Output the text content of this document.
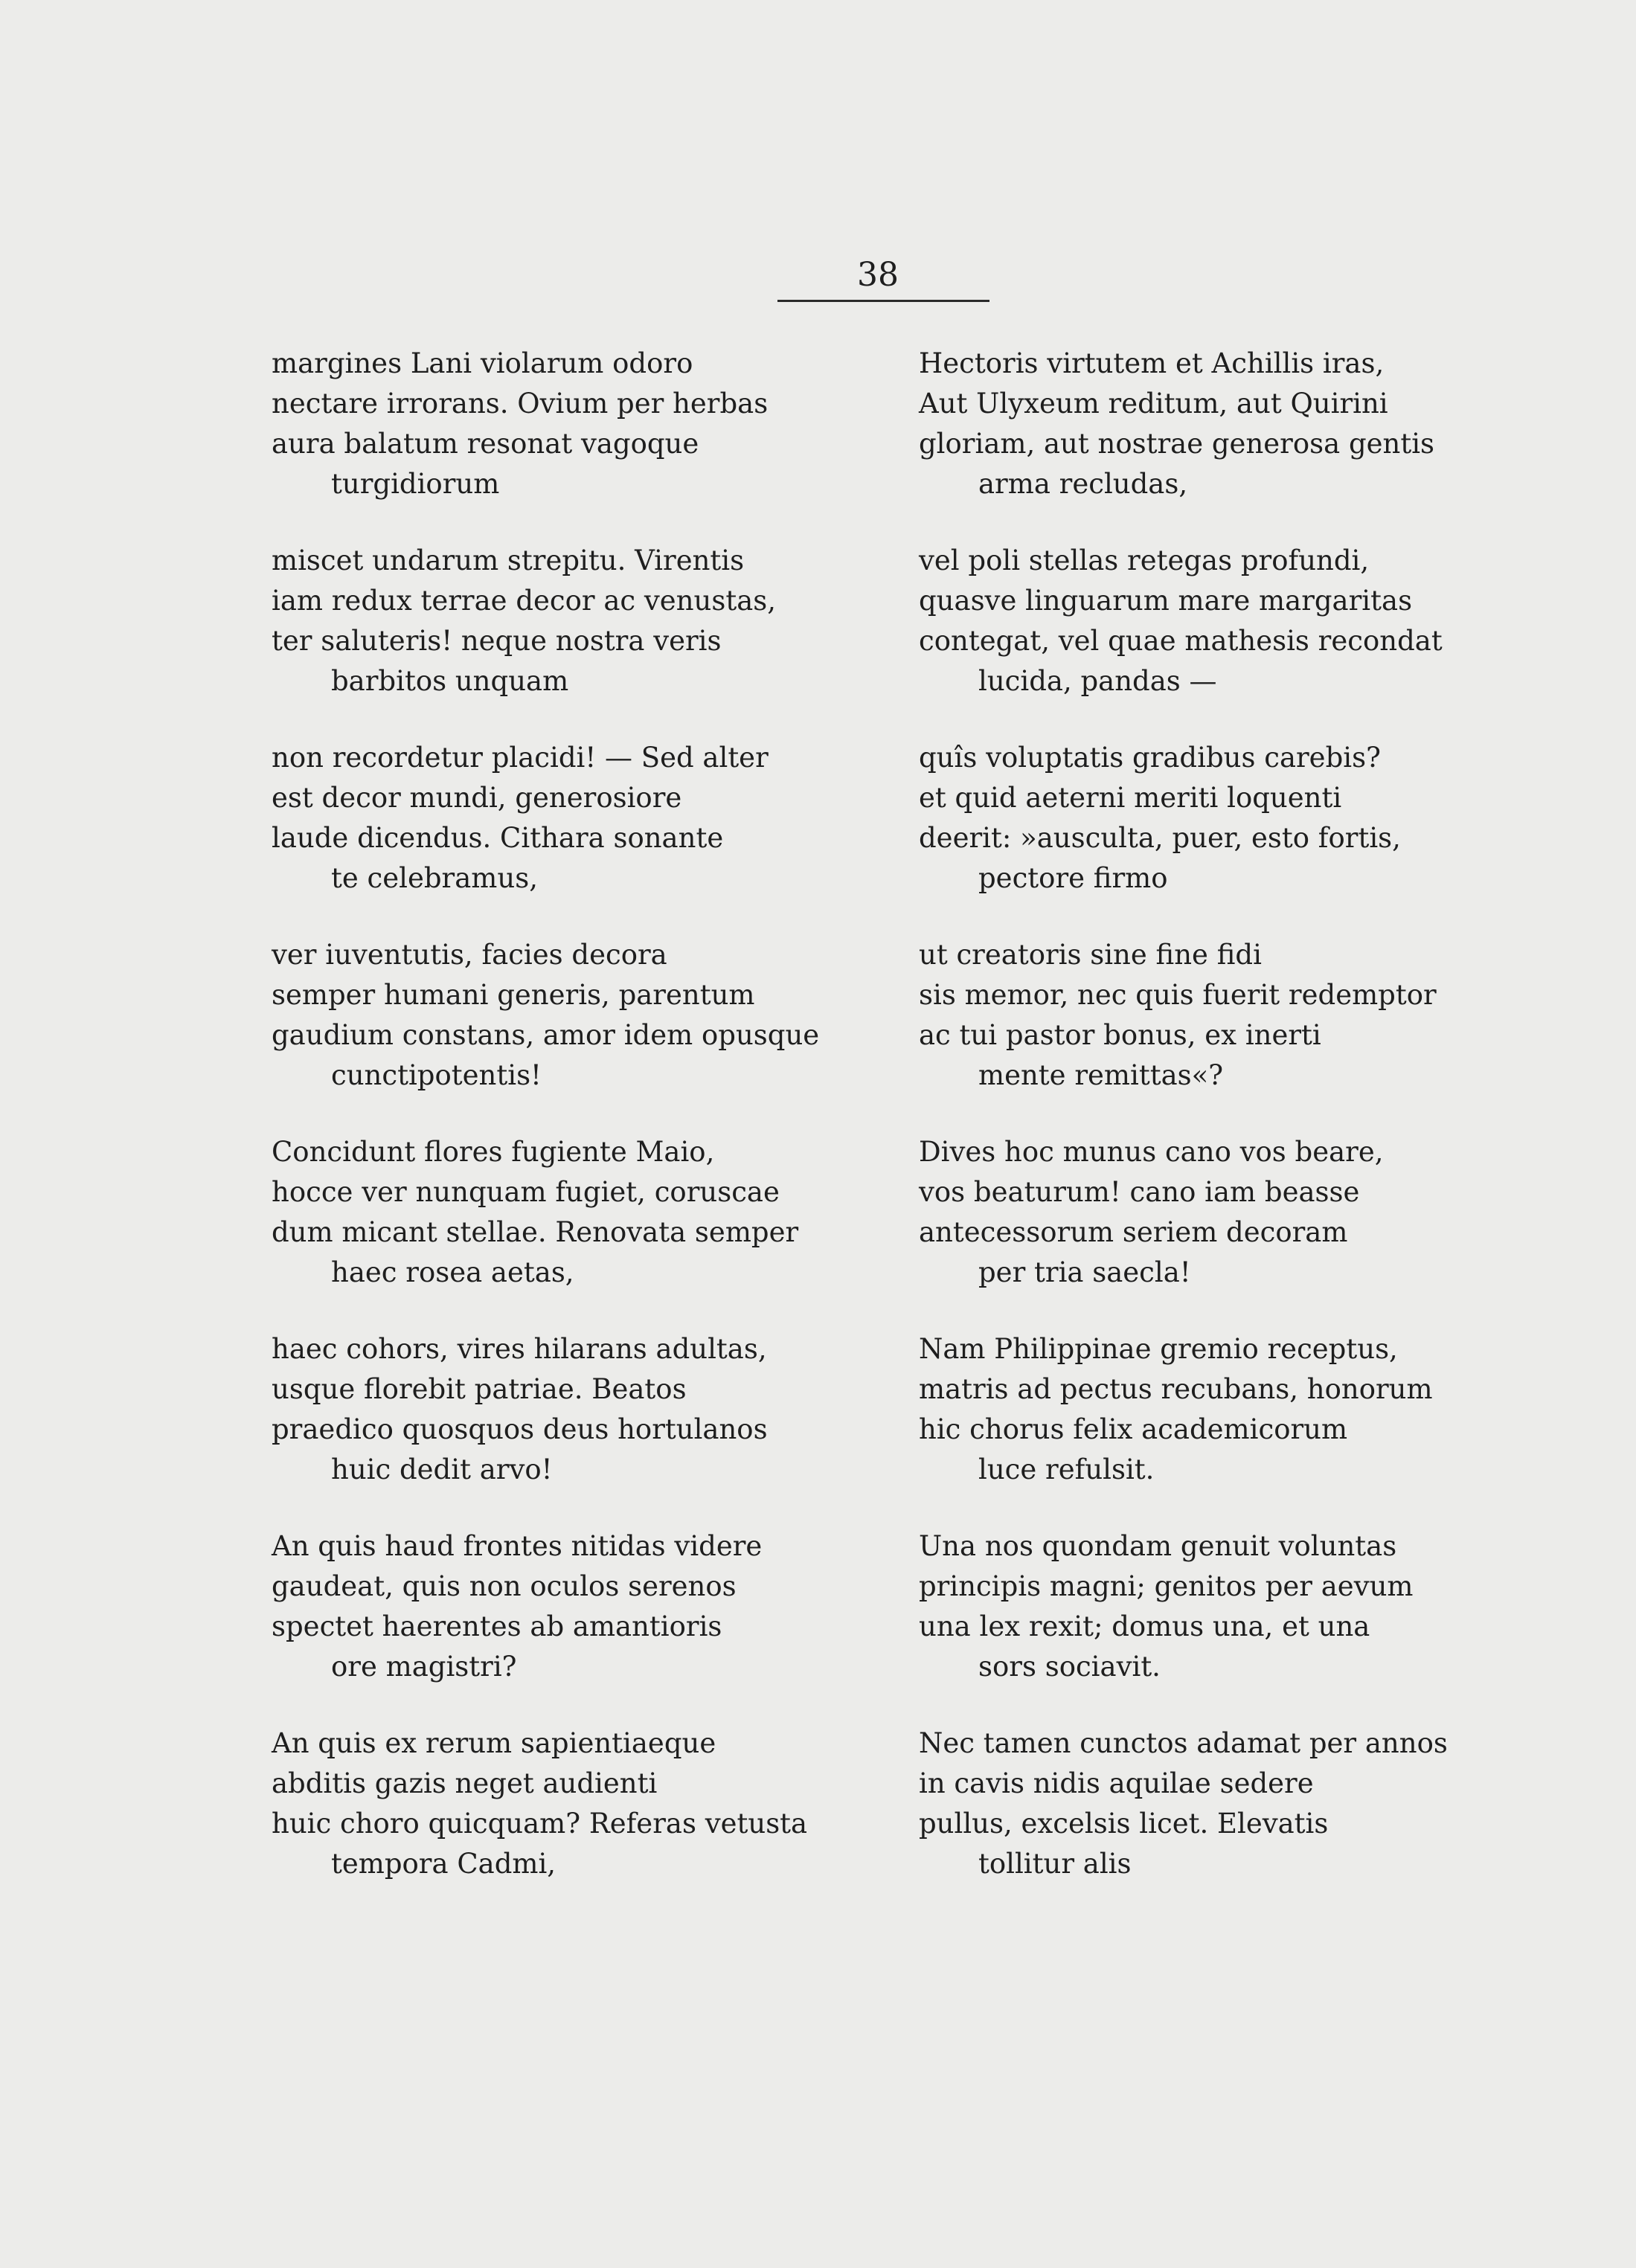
38
margines Lani violarum odoro
nectare irrorans. Ovium per herbas
aura balatum resonat vagoque
turgidiorum
miscet undarum strepitu. Virentis
iam redux terrae decor ac venustas,
ter saluteris! neque nostra veris
barbitos unquam
non recordetur placidi! — Sed alter
est decor mundi, generosiore
laude dicendus. Cithara sonante
te celebramus,
ver iuventutis, facies decora
semper humani generis, parentum
gaudium constans, amor idem opusque
cunctipotentis!
Concidunt flores fugiente Maio,
hocce ver nunquam fugiet, coruscae
dum micant stellae. Renovata semper
haec rosea aetas,
haec cohors, vires hilarans adultas,
usque florebit patriae. Beatos
praedico quosquos deus hortulanos
huic dedit arvo!
An quis haud frontes nitidas videre
gaudeat, quis non oculos serenos
spectet haerentes ab amantioris
ore magistri?
An quis ex rerum sapientiaeque
abditis gazis neget audienti
huic choro quicquam? Referas vetusta
tempora Cadmi,
Hectoris virtutem et Achillis iras,
Aut Ulyxeum reditum, aut Quirini
gloriam, aut nostrae generosa gentis
arma recludas,
vel poli stellas retegas profundi,
quasve linguarum mare margaritas
contegat, vel quae mathesis recondat
lucida, pandas —
quîs voluptatis gradibus carebis?
et quid aeterni meriti loquenti
deerit: »ausculta, puer, esto fortis,
pectore firmo
ut creatoris sine fine fidi
sis memor, nec quis fuerit redemptor
ac tui pastor bonus, ex inerti
mente remittas«?
Dives hoc munus cano vos beare,
vos beaturum! cano iam beasse
antecessorum seriem decoram
per tria saecla!
Nam Philippinae gremio receptus,
matris ad pectus recubans, honorum
hic chorus felix academicorum
luce refulsit.
Una nos quondam genuit voluntas
principis magni; genitos per aevum
una lex rexit; domus una, et una
sors sociavit.
Nec tamen cunctos adamat per annos
in cavis nidis aquilae sedere
pullus, excelsis licet. Elevatis
tollitur alis
